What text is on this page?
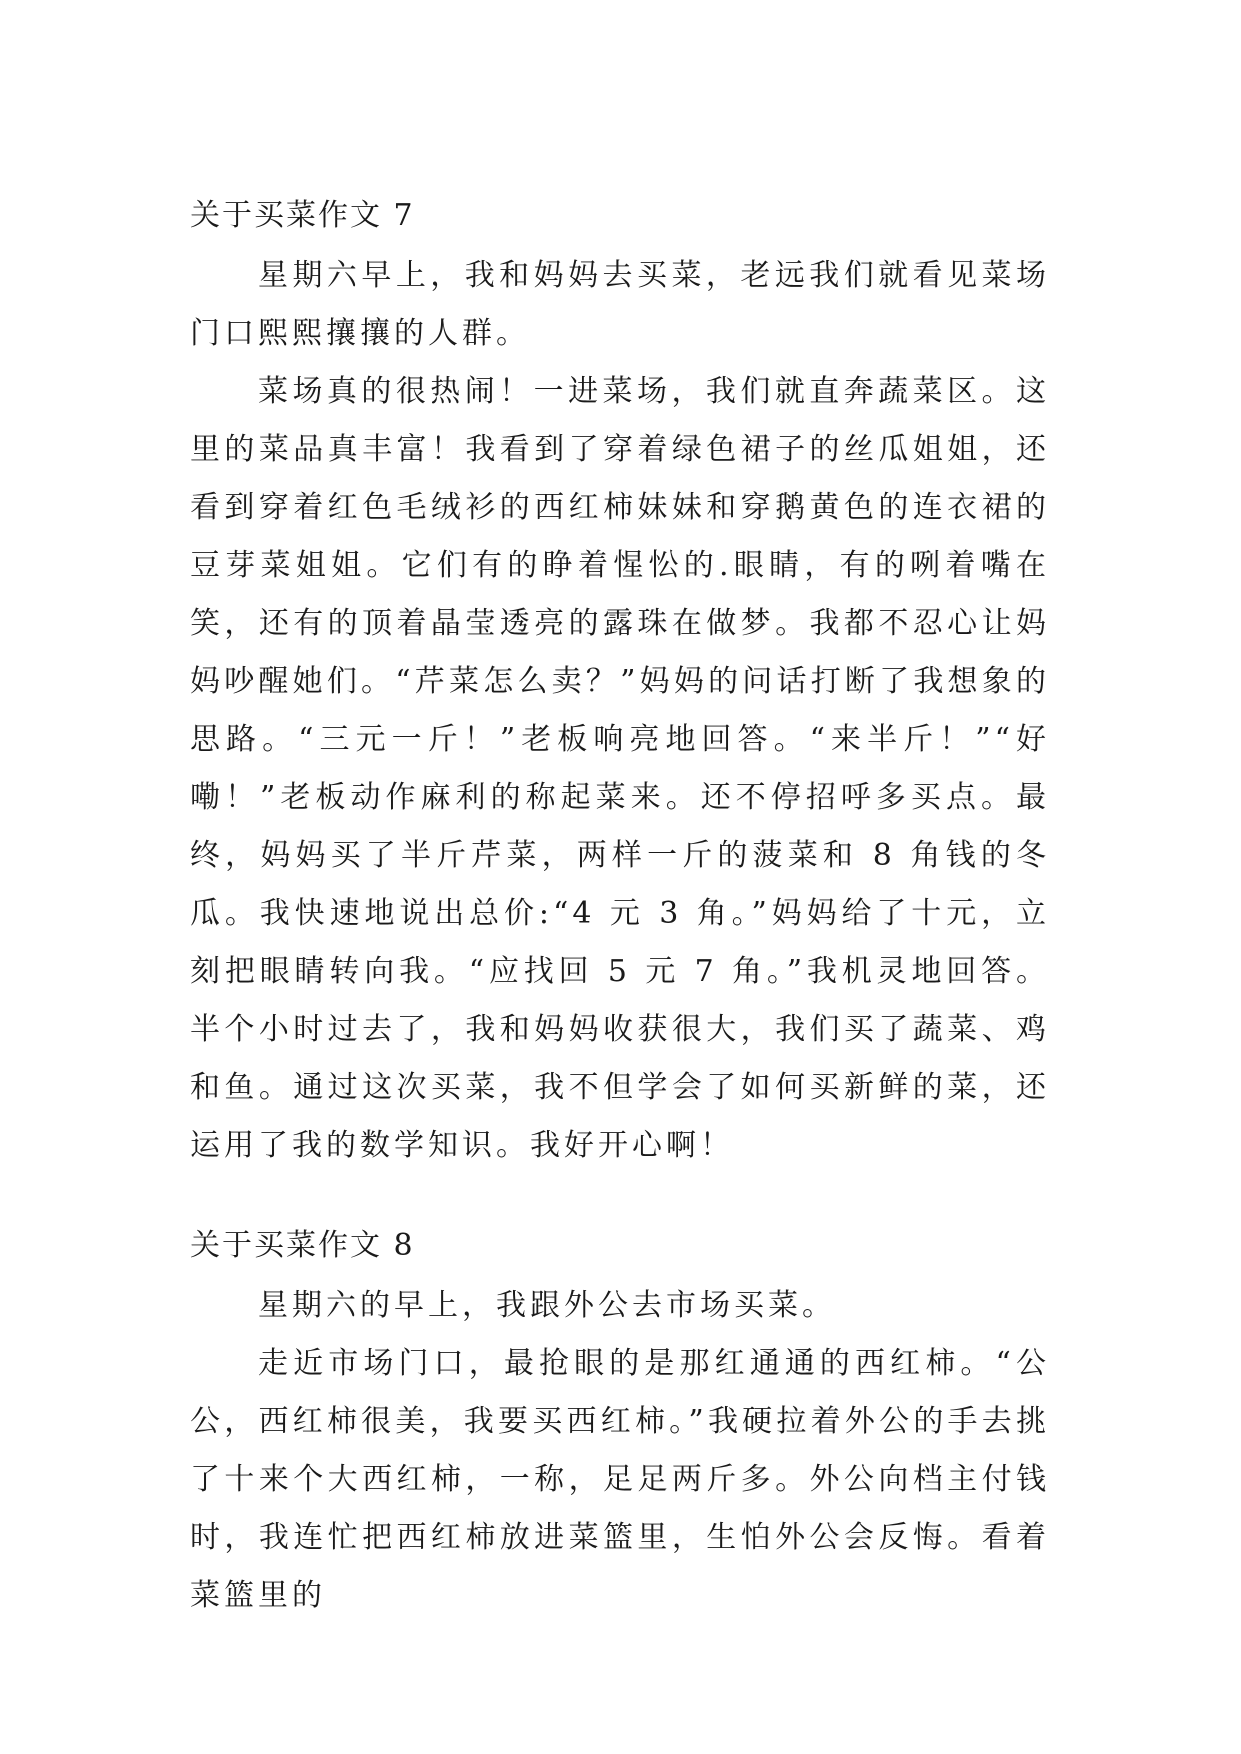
关于买菜作文 7

星期六早上，我和妈妈去买菜，老远我们就看见菜场门口熙熙攘攘的人群。

菜场真的很热闹！一进菜场，我们就直奔蔬菜区。这里的菜品真丰富！我看到了穿着绿色裙子的丝瓜姐姐，还看到穿着红色毛绒衫的西红柿妹妹和穿鹅黄色的连衣裙的豆芽菜姐姐。它们有的睁着惺忪的.眼睛，有的咧着嘴在笑，还有的顶着晶莹透亮的露珠在做梦。我都不忍心让妈妈吵醒她们。“芹菜怎么卖？”妈妈的问话打断了我想象的思路。“三元一斤！”老板响亮地回答。“来半斤！”“好嘞！”老板动作麻利的称起菜来。还不停招呼多买点。最终，妈妈买了半斤芹菜，两样一斤的菠菜和 8 角钱的冬瓜。我快速地说出总价:“4 元 3 角。”妈妈给了十元，立刻把眼睛转向我。“应找回 5 元 7 角。”我机灵地回答。半个小时过去了，我和妈妈收获很大，我们买了蔬菜、鸡和鱼。通过这次买菜，我不但学会了如何买新鲜的菜，还运用了我的数学知识。我好开心啊！

关于买菜作文 8

星期六的早上，我跟外公去市场买菜。

走近市场门口，最抢眼的是那红通通的西红柿。“公公，西红柿很美，我要买西红柿。”我硬拉着外公的手去挑了十来个大西红柿，一称，足足两斤多。外公向档主付钱时，我连忙把西红柿放进菜篮里，生怕外公会反悔。看着菜篮里的
